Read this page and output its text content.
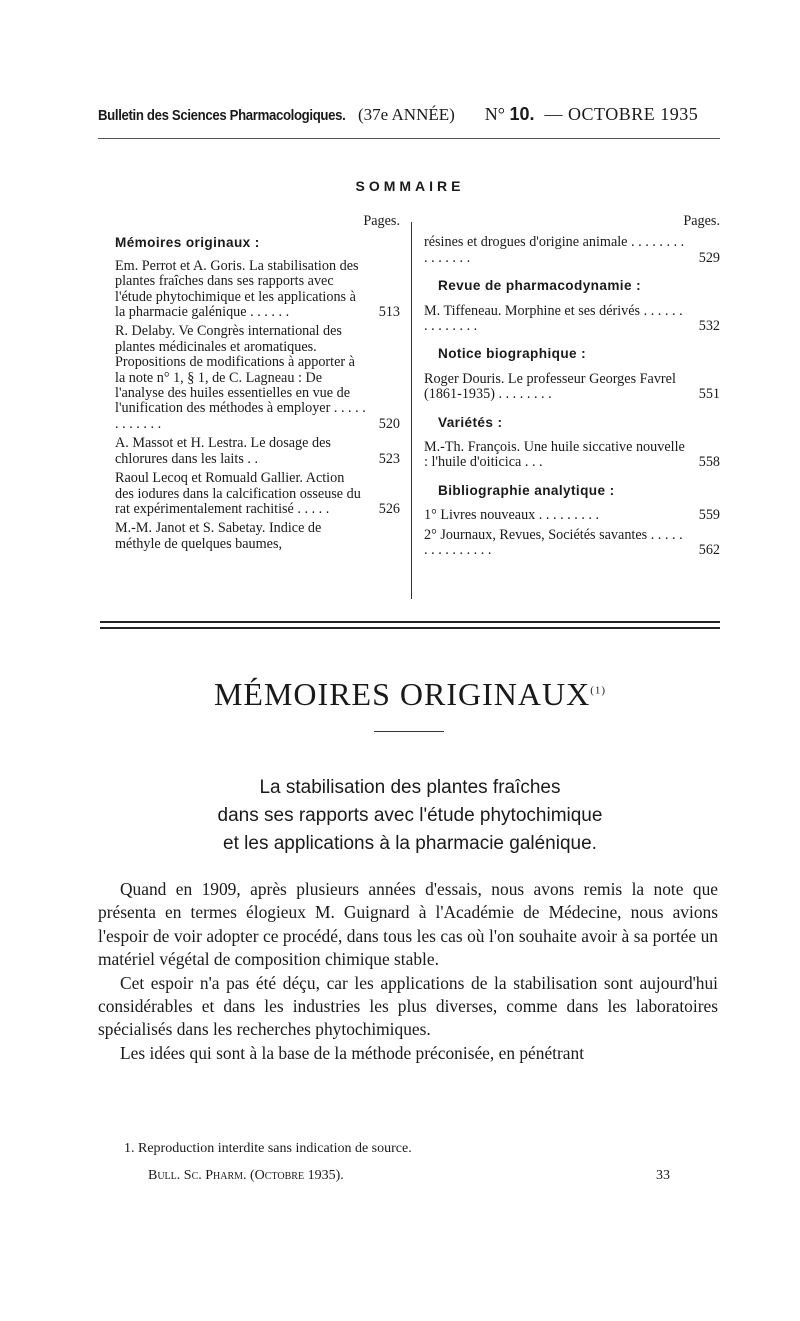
Bulletin des Sciences Pharmacologiques. (37e ANNÉE) N° 10. — OCTOBRE 1935
SOMMAIRE
Pages.
Mémoires originaux :
Em. Perrot et A. Goris. La stabilisation des plantes fraîches dans ses rapports avec l'étude phytochimique et les applications à la pharmacie galénique . . . . . .	513
R. Delaby. Ve Congrès international des plantes médicinales et aromatiques. Propositions de modifications à apporter à la note n° 1, § 1, de C. Lagneau : De l'analyse des huiles essentielles en vue de l'unification des méthodes à employer . . . . . . . . . . . .	520
A. Massot et H. Lestra. Le dosage des chlorures dans les laits . .	523
Raoul Lecoq et Romuald Gallier. Action des iodures dans la calcification osseuse du rat expérimentalement rachitisé . . . . .	526
M.-M. Janot et S. Sabetay. Indice de méthyle de quelques baumes,
Pages.
résines et drogues d'origine animale . . . . . . . . . . . . . . .	529
Revue de pharmacodynamie :
M. Tiffeneau. Morphine et ses dérivés . . . . . . . . . . . . . .	532
Notice biographique :
Roger Douris. Le professeur Georges Favrel (1861-1935) . . . . . . . .	551
Variétés :
M.-Th. François. Une huile siccative nouvelle : l'huile d'oiticica . . .	558
Bibliographie analytique :
1° Livres nouveaux . . . . . . . . .	559
2° Journaux, Revues, Sociétés savantes . . . . . . . . . . . . . . .	562
MÉMOIRES ORIGINAUX$^{(1)}$
La stabilisation des plantes fraîches
dans ses rapports avec l'étude phytochimique
et les applications à la pharmacie galénique.

Quand en 1909, après plusieurs années d'essais, nous avons remis la note que présenta en termes élogieux M. Guignard à l'Académie de Médecine, nous avions l'espoir de voir adopter ce procédé, dans tous les cas où l'on souhaite avoir à sa portée un matériel végétal de composition chimique stable.

Cet espoir n'a pas été déçu, car les applications de la stabilisation sont aujourd'hui considérables et dans les industries les plus diverses, comme dans les laboratoires spécialisés dans les recherches phytochimiques.

Les idées qui sont à la base de la méthode préconisée, en pénétrant

1. Reproduction interdite sans indication de source.
Bull. Sc. Pharm. (Octobre 1935).	33
